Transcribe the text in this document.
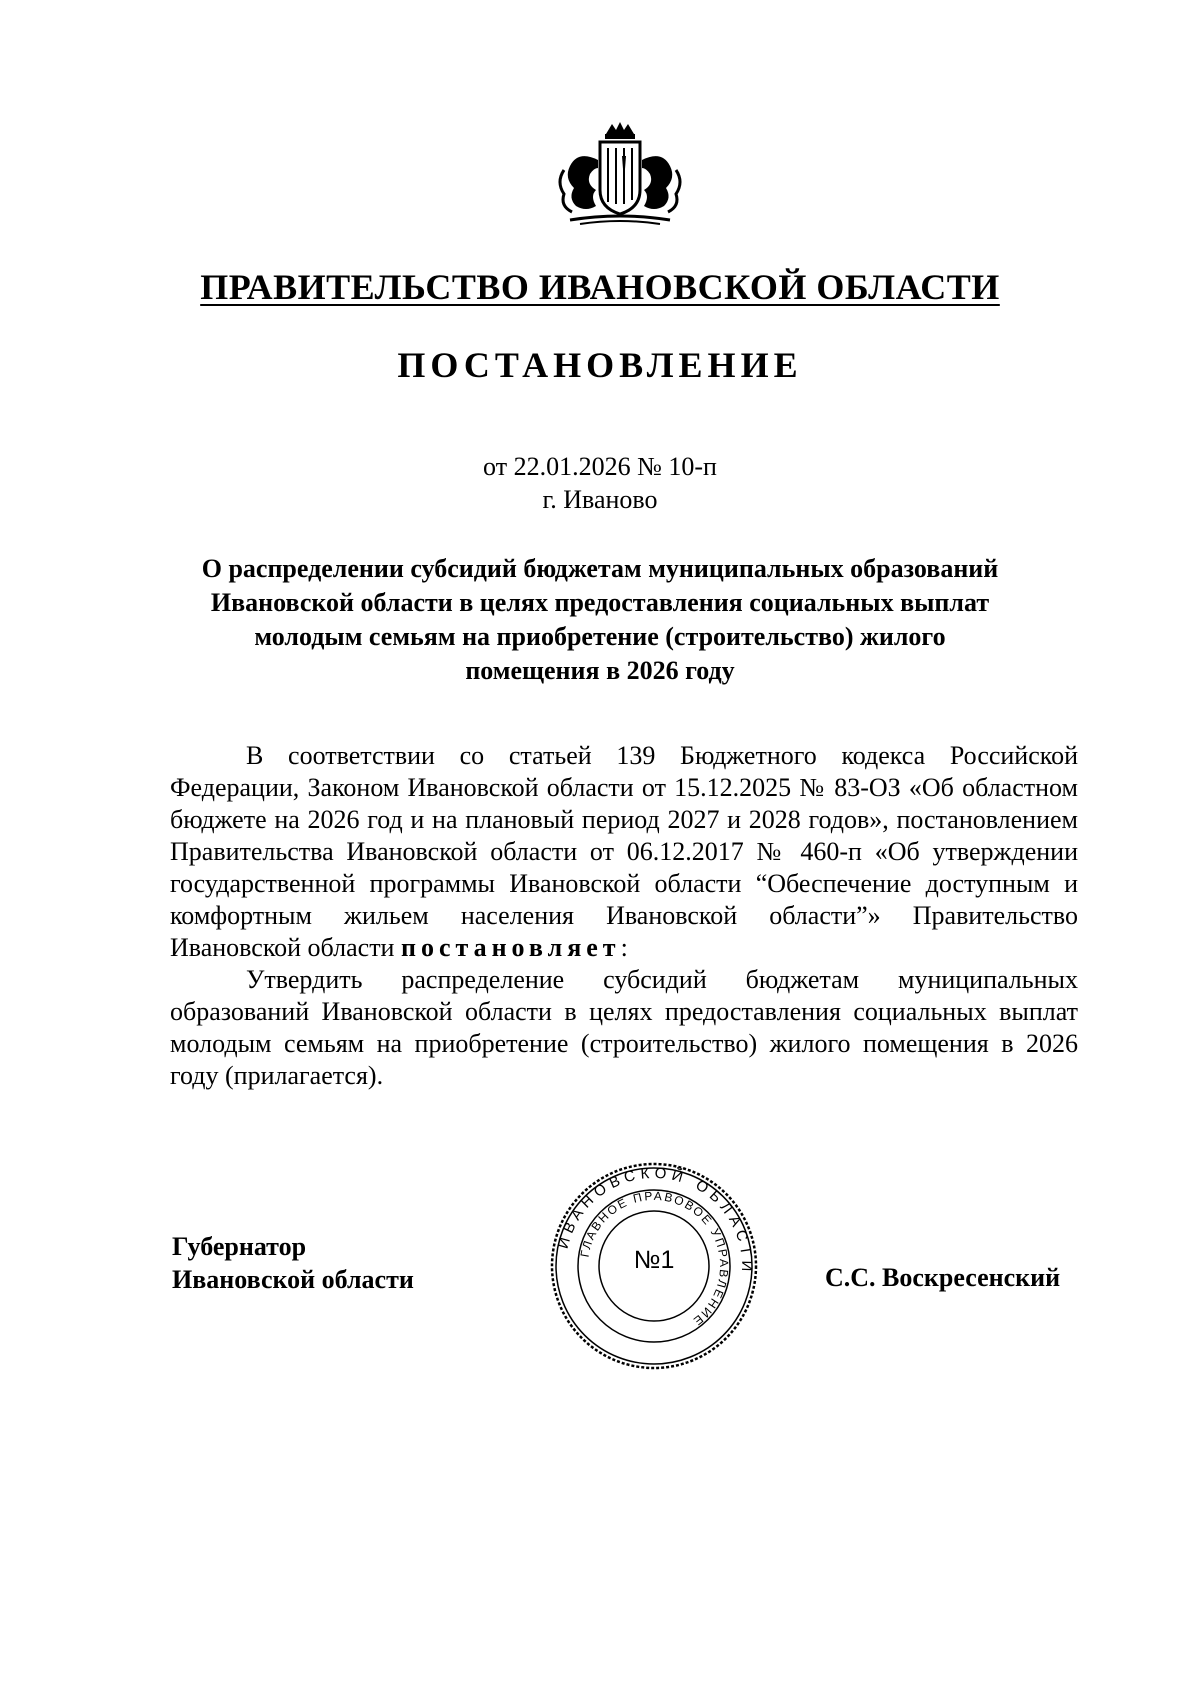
ПРАВИТЕЛЬСТВО ИВАНОВСКОЙ ОБЛАСТИ
ПОСТАНОВЛЕНИЕ
от 22.01.2026 № 10-п
г. Иваново
О распределении субсидий бюджетам муниципальных образований
Ивановской области в целях предоставления социальных выплат
молодым семьям на приобретение (строительство) жилого
помещения в 2026 году

В соответствии со статьей 139 Бюджетного кодекса Российской Федерации, Законом Ивановской области от 15.12.2025 № 83-ОЗ «Об областном бюджете на 2026 год и на плановый период 2027 и 2028 годов», постановлением Правительства Ивановской области от 06.12.2017 № 460-п «Об утверждении государственной программы Ивановской области “Обеспечение доступным и комфортным жильем населения Ивановской области”» Правительство Ивановской области постановляет:

Утвердить распределение субсидий бюджетам муниципальных образований Ивановской области в целях предоставления социальных выплат молодым семьям на приобретение (строительство) жилого помещения в 2026 году (прилагается).

Губернатор
Ивановской области
ИВАНОВСКОЙ ОБЛАСТИ
ГЛАВНОЕ ПРАВОВОЕ УПРАВЛЕНИЕ
№1
С.С. Воскресенский
